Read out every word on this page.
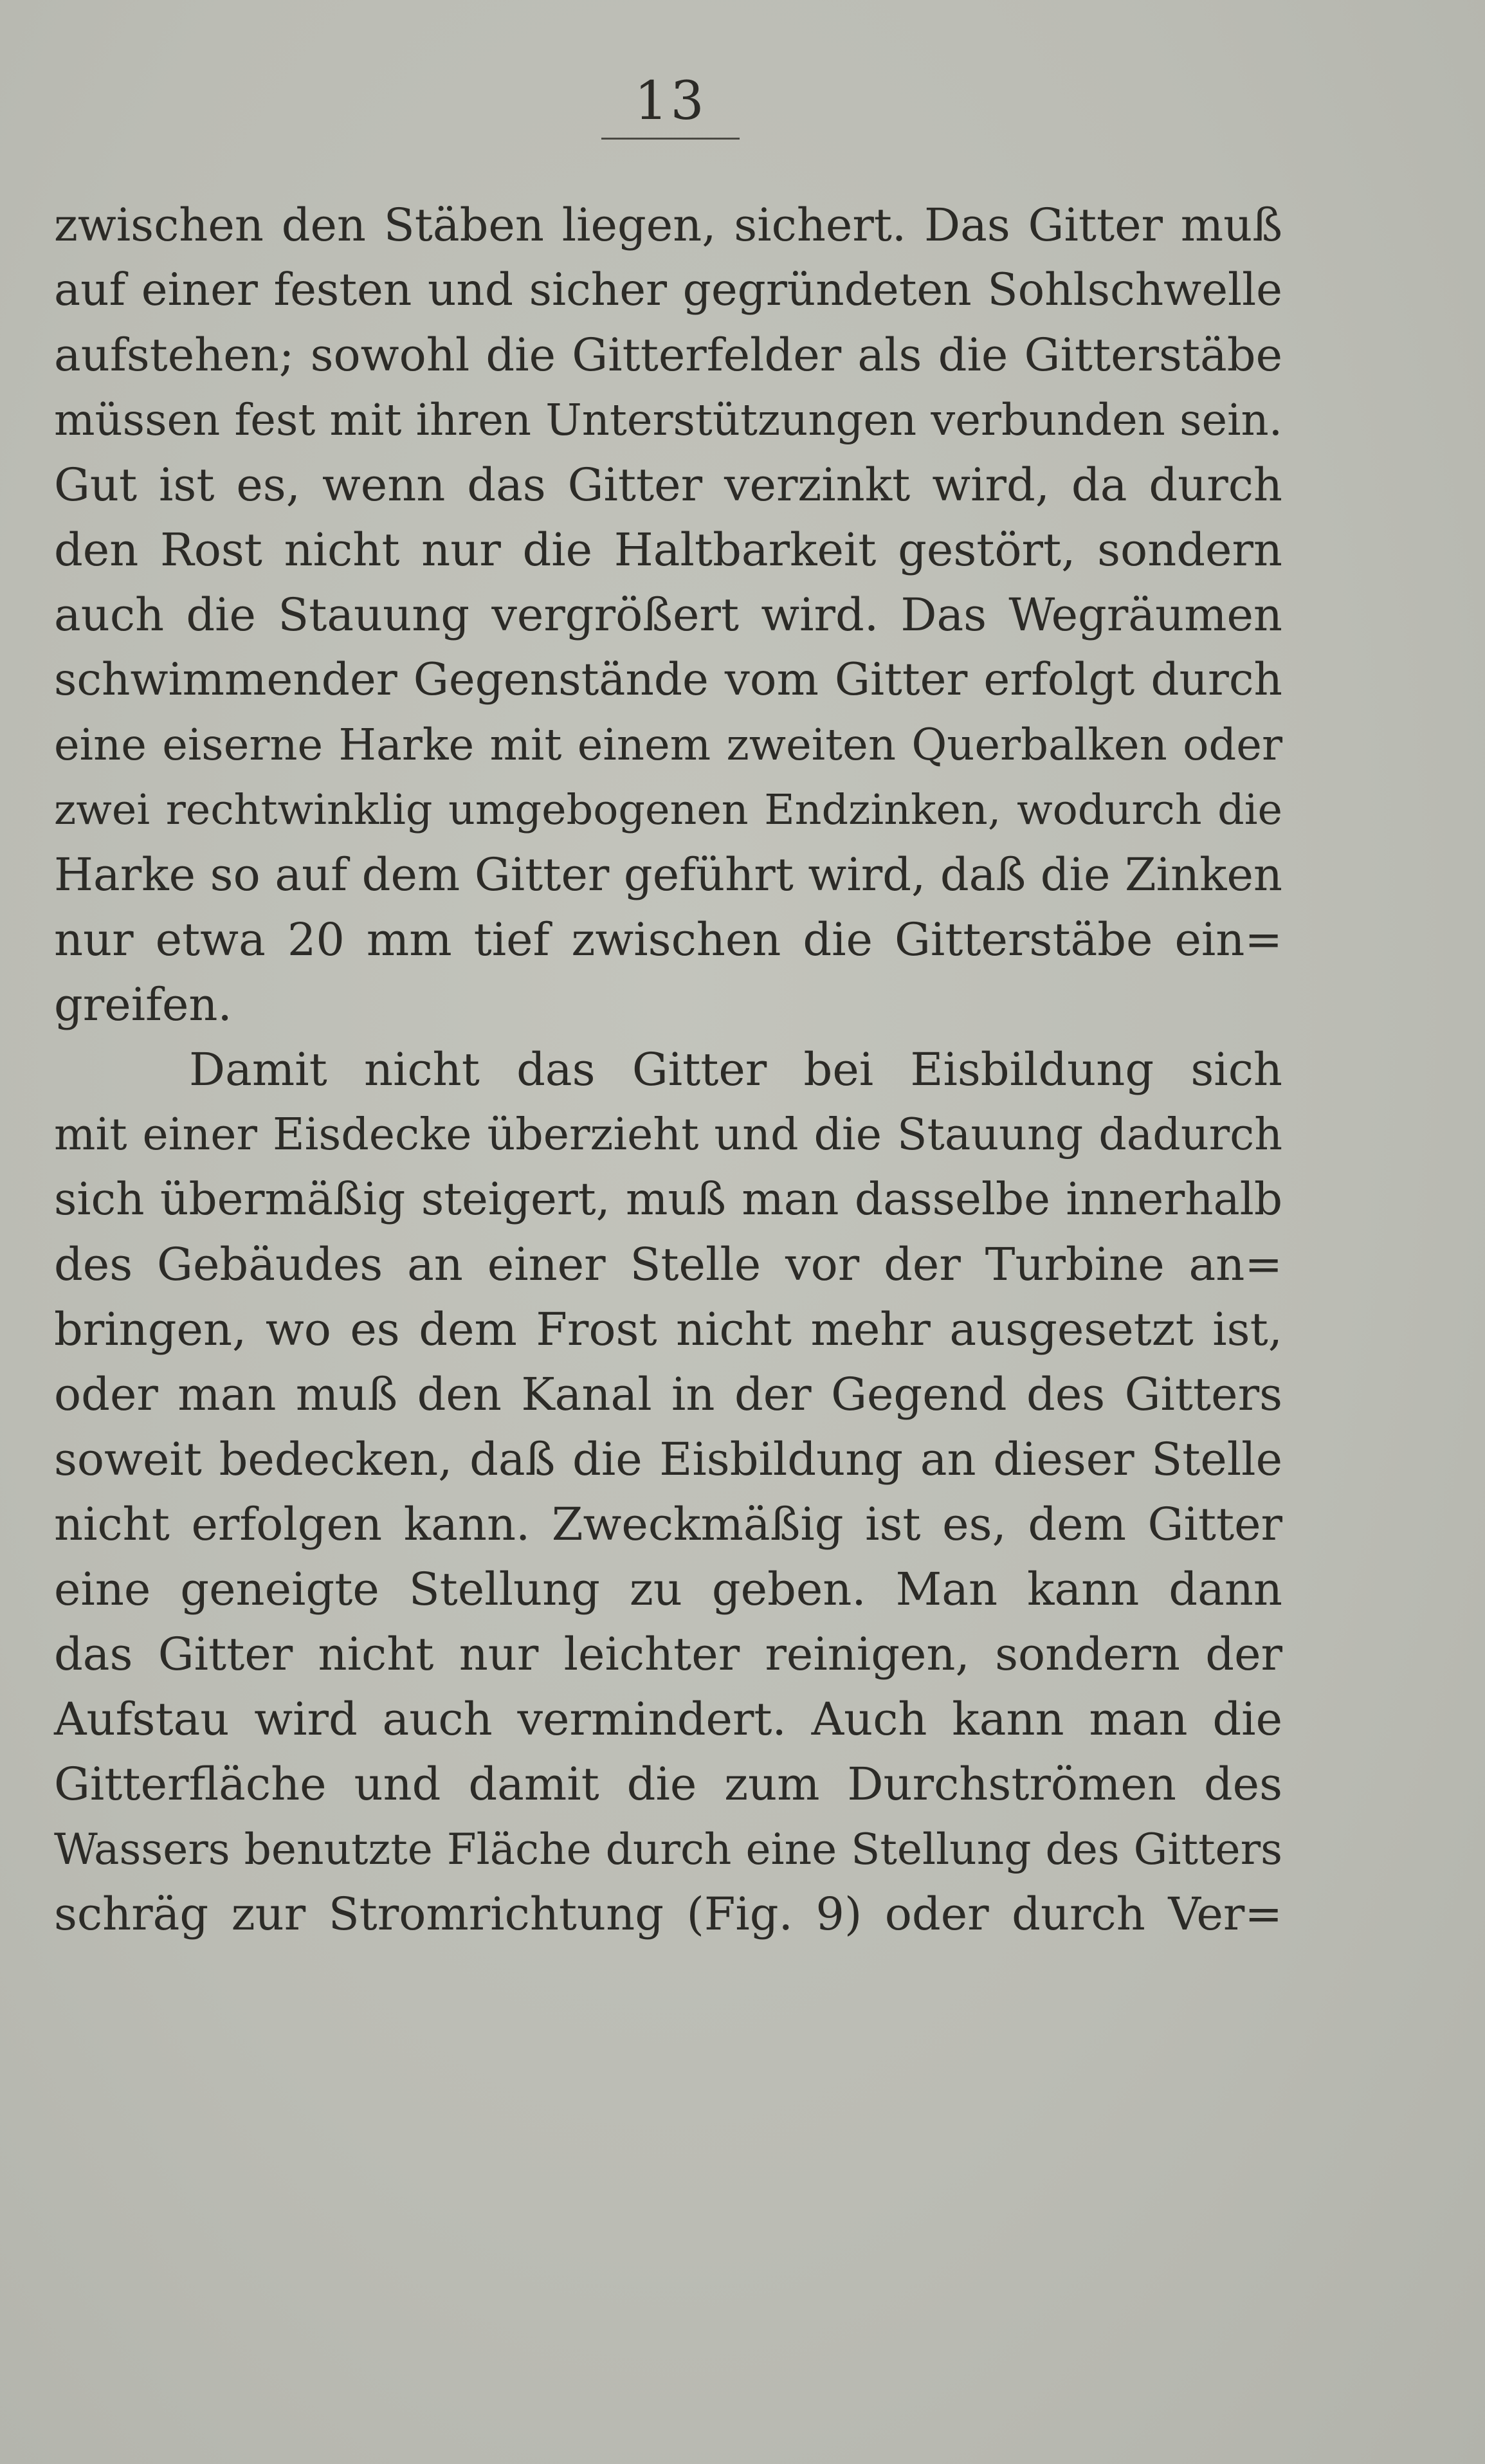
13
zwischen den Stäben liegen, sichert. Das Gitter muß
auf einer festen und sicher gegründeten Sohlschwelle
aufstehen; sowohl die Gitterfelder als die Gitterstäbe
müssen fest mit ihren Unterstützungen verbunden sein.
Gut ist es, wenn das Gitter verzinkt wird, da durch
den Rost nicht nur die Haltbarkeit gestört, sondern
auch die Stauung vergrößert wird. Das Wegräumen
schwimmender Gegenstände vom Gitter erfolgt durch
eine eiserne Harke mit einem zweiten Querbalken oder
zwei rechtwinklig umgebogenen Endzinken, wodurch die
Harke so auf dem Gitter geführt wird, daß die Zinken
nur etwa 20 mm tief zwischen die Gitterstäbe ein=
greifen.
Damit nicht das Gitter bei Eisbildung sich
mit einer Eisdecke überzieht und die Stauung dadurch
sich übermäßig steigert, muß man dasselbe innerhalb
des Gebäudes an einer Stelle vor der Turbine an=
bringen, wo es dem Frost nicht mehr ausgesetzt ist,
oder man muß den Kanal in der Gegend des Gitters
soweit bedecken, daß die Eisbildung an dieser Stelle
nicht erfolgen kann. Zweckmäßig ist es, dem Gitter
eine geneigte Stellung zu geben. Man kann dann
das Gitter nicht nur leichter reinigen, sondern der
Aufstau wird auch vermindert. Auch kann man die
Gitterfläche und damit die zum Durchströmen des
Wassers benutzte Fläche durch eine Stellung des Gitters
schräg zur Stromrichtung (Fig. 9) oder durch Ver=
